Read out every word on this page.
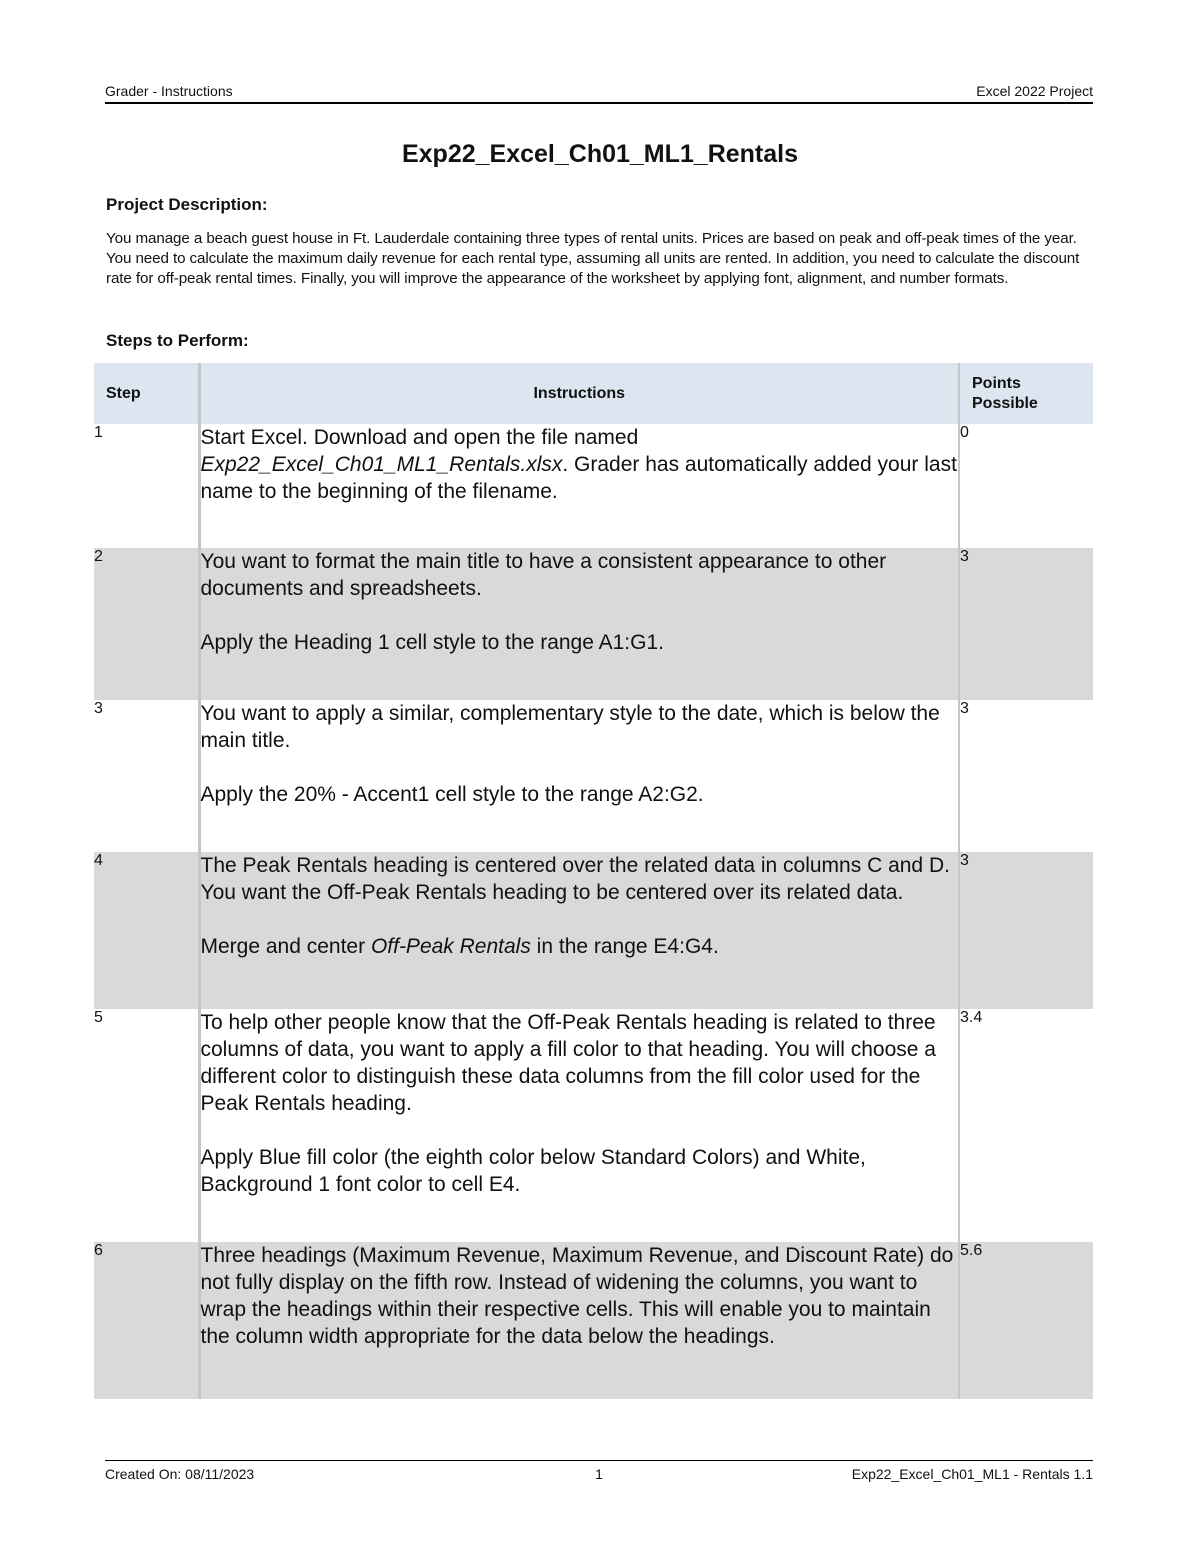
Grader - Instructions	Excel 2022 Project
Exp22_Excel_Ch01_ML1_Rentals
Project Description:

You manage a beach guest house in Ft. Lauderdale containing three types of rental units. Prices are based on peak and off-peak times of the year. You need to calculate the maximum daily revenue for each rental type, assuming all units are rented. In addition, you need to calculate the discount rate for off-peak rental times. Finally, you will improve the appearance of the worksheet by applying font, alignment, and number formats.

Steps to Perform:
Step	Instructions	Points
Possible
1	Start Excel. Download and open the file named Exp22_Excel_Ch01_ML1_Rentals.xlsx. Grader has automatically added your last name to the beginning of the filename.	0
2	You want to format the main title to have a consistent appearance to other documents and spreadsheets.

Apply the Heading 1 cell style to the range A1:G1.	3
3	You want to apply a similar, complementary style to the date, which is below the main title.

Apply the 20% - Accent1 cell style to the range A2:G2.	3
4	The Peak Rentals heading is centered over the related data in columns C and D. You want the Off-Peak Rentals heading to be centered over its related data.

Merge and center Off-Peak Rentals in the range E4:G4.	3
5	To help other people know that the Off-Peak Rentals heading is related to three columns of data, you want to apply a fill color to that heading. You will choose a different color to distinguish these data columns from the fill color used for the Peak Rentals heading.

Apply Blue fill color (the eighth color below Standard Colors) and White, Background 1 font color to cell E4.	3.4
6	Three headings (Maximum Revenue, Maximum Revenue, and Discount Rate) do not fully display on the fifth row. Instead of widening the columns, you want to wrap the headings within their respective cells. This will enable you to maintain the column width appropriate for the data below the headings.	5.6
Created On: 08/11/2023	1	Exp22_Excel_Ch01_ML1 - Rentals 1.1
